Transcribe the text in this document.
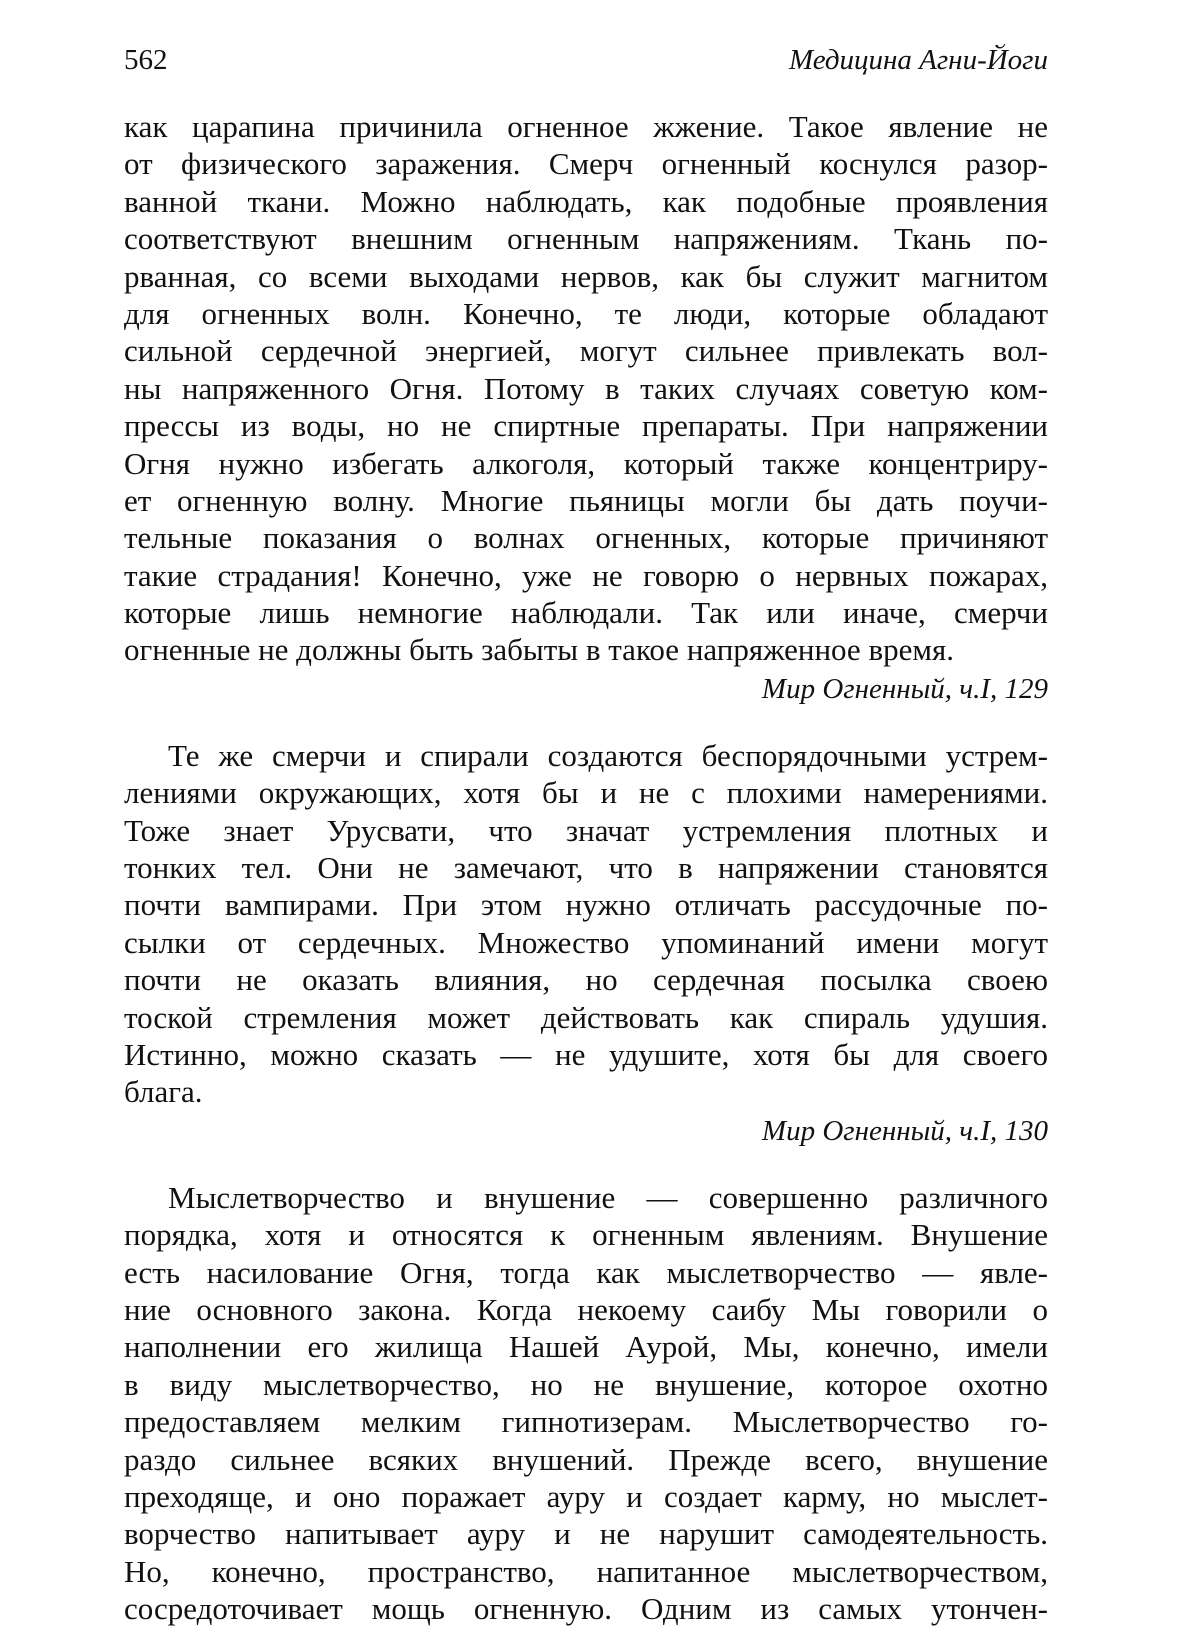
562	Медицина Агни-Йоги
как царапина причинила огненное жжение. Такое явление не
от физического заражения. Смерч огненный коснулся разор-
ванной ткани. Можно наблюдать, как подобные проявления
соответствуют внешним огненным напряжениям. Ткань по-
рванная, со всеми выходами нервов, как бы служит магнитом
для огненных волн. Конечно, те люди, которые обладают
сильной сердечной энергией, могут сильнее привлекать вол-
ны напряженного Огня. Потому в таких случаях советую ком-
прессы из воды, но не спиртные препараты. При напряжении
Огня нужно избегать алкоголя, который также концентриру-
ет огненную волну. Многие пьяницы могли бы дать поучи-
тельные показания о волнах огненных, которые причиняют
такие страдания! Конечно, уже не говорю о нервных пожарах,
которые лишь немногие наблюдали. Так или иначе, смерчи
огненные не должны быть забыты в такое напряженное время.
Мир Огненный, ч.I, 129
Те же смерчи и спирали создаются беспорядочными устрем-
лениями окружающих, хотя бы и не с плохими намерениями.
Тоже знает Урусвати, что значат устремления плотных и
тонких тел. Они не замечают, что в напряжении становятся
почти вампирами. При этом нужно отличать рассудочные по-
сылки от сердечных. Множество упоминаний имени могут
почти не оказать влияния, но сердечная посылка своею
тоской стремления может действовать как спираль удушия.
Истинно, можно сказать — не удушите, хотя бы для своего
блага.
Мир Огненный, ч.I, 130
Мыслетворчество и внушение — совершенно различного
порядка, хотя и относятся к огненным явлениям. Внушение
есть насилование Огня, тогда как мыслетворчество — явле-
ние основного закона. Когда некоему саибу Мы говорили о
наполнении его жилища Нашей Аурой, Мы, конечно, имели
в виду мыслетворчество, но не внушение, которое охотно
предоставляем мелким гипнотизерам. Мыслетворчество го-
раздо сильнее всяких внушений. Прежде всего, внушение
преходяще, и оно поражает ауру и создает карму, но мыслет-
ворчество напитывает ауру и не нарушит самодеятельность.
Но, конечно, пространство, напитанное мыслетворчеством,
сосредоточивает мощь огненную. Одним из самых утончен-
